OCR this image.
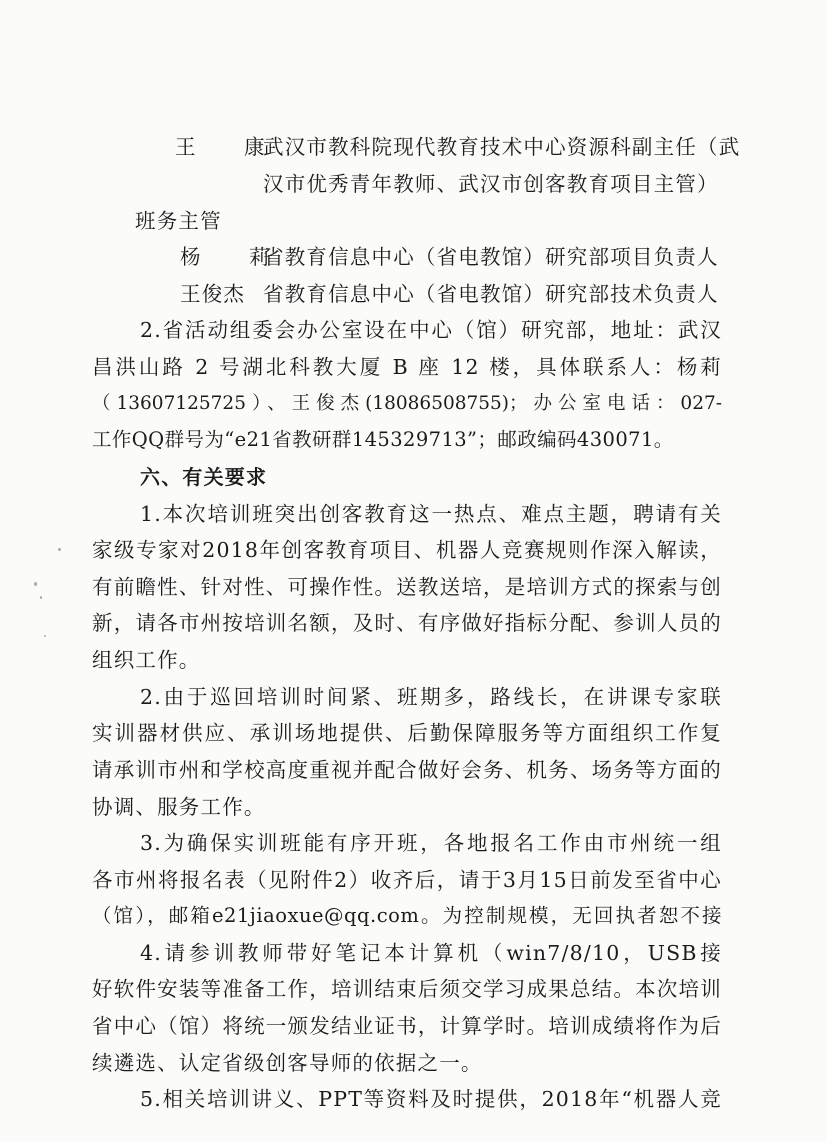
王　康
武汉市教科院现代教育技术中心资源科副主任（武
汉市优秀青年教师、武汉市创客教育项目主管）
班务主管
杨　莉
省教育信息中心（省电教馆）研究部项目负责人
王俊杰 省教育信息中心（省电教馆）研究部技术负责人
2.省活动组委会办公室设在中心（馆）研究部，地址：武汉
昌洪山路 2 号湖北科教大厦 B 座 12 楼，具体联系人：杨莉
（13607125725）、王俊杰(18086508755)；办公室电话：027-
工作QQ群号为“e21省教研群145329713”；邮政编码430071。
六、有关要求
1.本次培训班突出创客教育这一热点、难点主题，聘请有关
家级专家对2018年创客教育项目、机器人竞赛规则作深入解读，
有前瞻性、针对性、可操作性。送教送培，是培训方式的探索与创
新，请各市州按培训名额，及时、有序做好指标分配、参训人员的
组织工作。
2.由于巡回培训时间紧、班期多，路线长，在讲课专家联
实训器材供应、承训场地提供、后勤保障服务等方面组织工作复
请承训市州和学校高度重视并配合做好会务、机务、场务等方面的
协调、服务工作。
3.为确保实训班能有序开班，各地报名工作由市州统一组
各市州将报名表（见附件2）收齐后，请于3月15日前发至省中心
（馆），邮箱e21jiaoxue@qq.com。为控制规模，无回执者恕不接
4.请参训教师带好笔记本计算机（win7/8/10，USB接
好软件安装等准备工作，培训结束后须交学习成果总结。本次培训
省中心（馆）将统一颁发结业证书，计算学时。培训成绩将作为后
续遴选、认定省级创客导师的依据之一。
5.相关培训讲义、PPT等资料及时提供，2018年“机器人竞
